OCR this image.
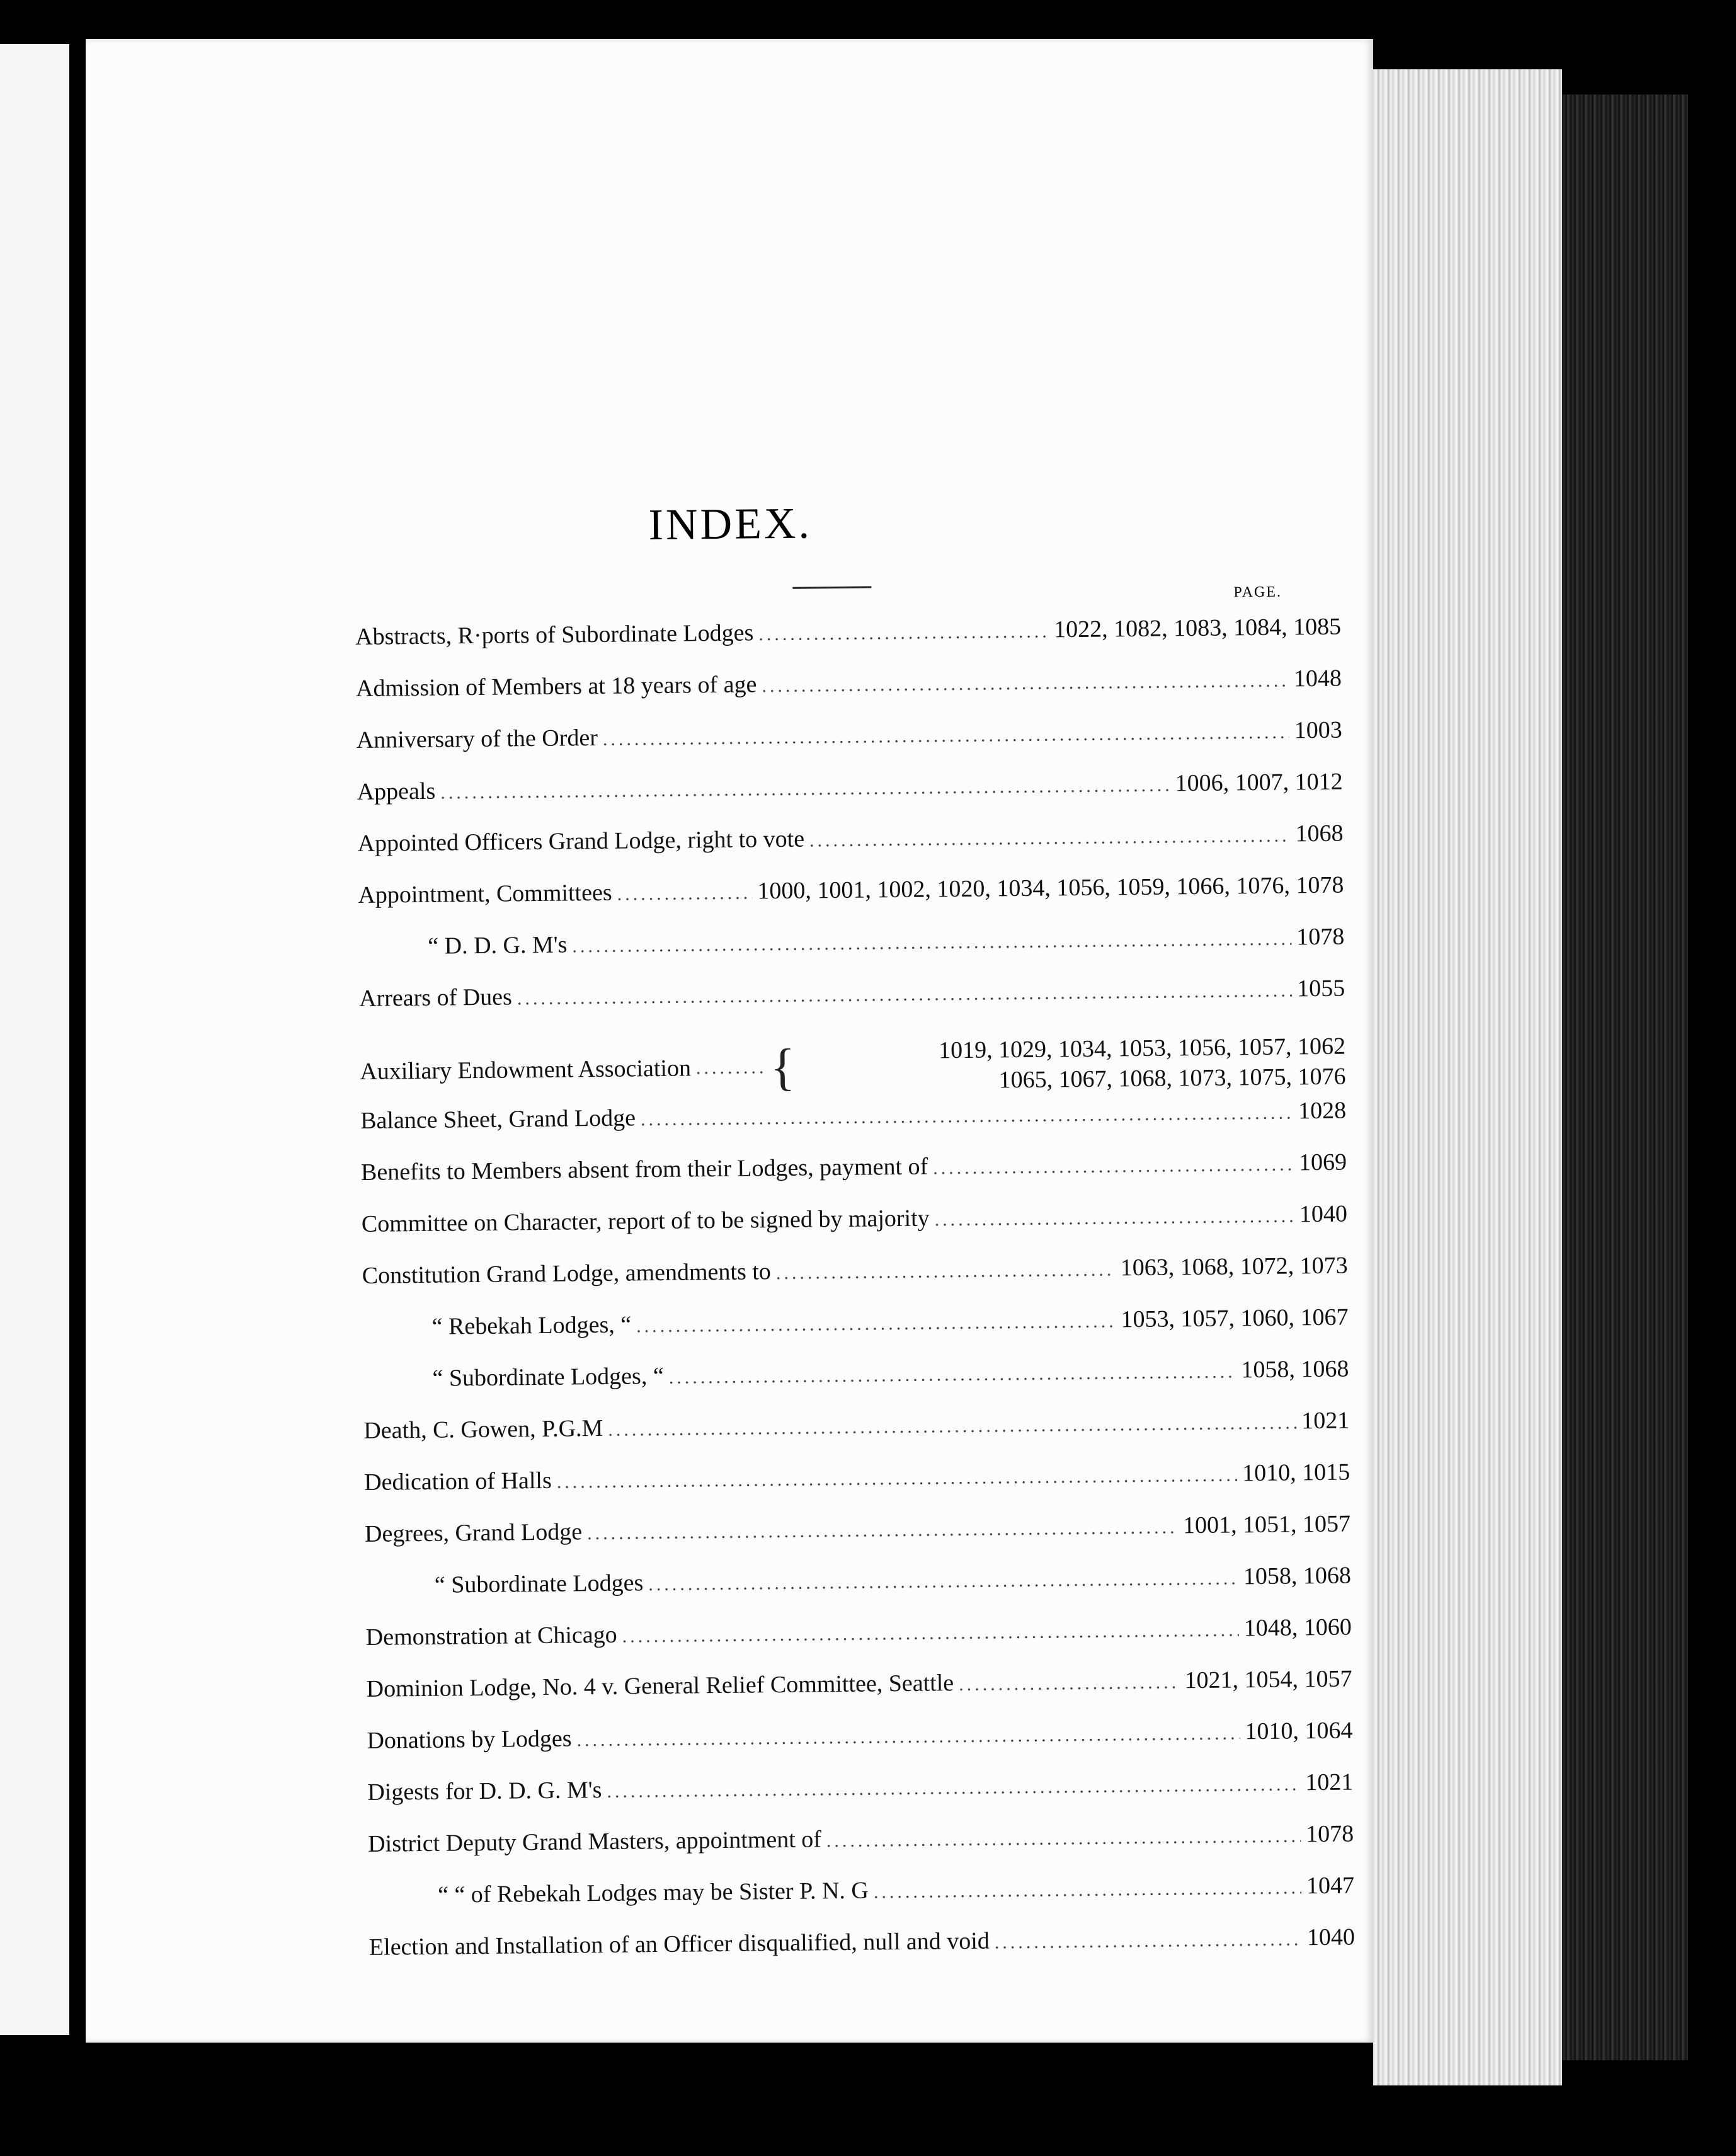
INDEX.
PAGE.
Abstracts, R·ports of Subordinate Lodges .....	1022, 1082, 1083, 1084, 1085
Admission of Members at 18 years of age .....	1048
Anniversary of the Order .....	1003
Appeals .....	1006, 1007, 1012
Appointed Officers Grand Lodge, right to vote .....	1068
Appointment, Committees .....	1000, 1001, 1002, 1020, 1034, 1056, 1059, 1066, 1076, 1078
“ D. D. G. M's .....	1078
Arrears of Dues .....	1055
Auxiliary Endowment Association ..... {	1019, 1029, 1034, 1053, 1056, 1057, 1062
1065, 1067, 1068, 1073, 1075, 1076
Balance Sheet, Grand Lodge .....	1028
Benefits to Members absent from their Lodges, payment of .....	1069
Committee on Character, report of to be signed by majority .....	1040
Constitution Grand Lodge, amendments to .....	1063, 1068, 1072, 1073
“ Rebekah Lodges, “ .....	1053, 1057, 1060, 1067
“ Subordinate Lodges, “ .....	1058, 1068
Death, C. Gowen, P.G.M .....	1021
Dedication of Halls .....	1010, 1015
Degrees, Grand Lodge .....	1001, 1051, 1057
“ Subordinate Lodges .....	1058, 1068
Demonstration at Chicago .....	1048, 1060
Dominion Lodge, No. 4 v. General Relief Committee, Seattle .....	1021, 1054, 1057
Donations by Lodges .....	1010, 1064
Digests for D. D. G. M's .....	1021
District Deputy Grand Masters, appointment of .....	1078
“ “ of Rebekah Lodges may be Sister P. N. G .....	1047
Election and Installation of an Officer disqualified, null and void .....	1040
